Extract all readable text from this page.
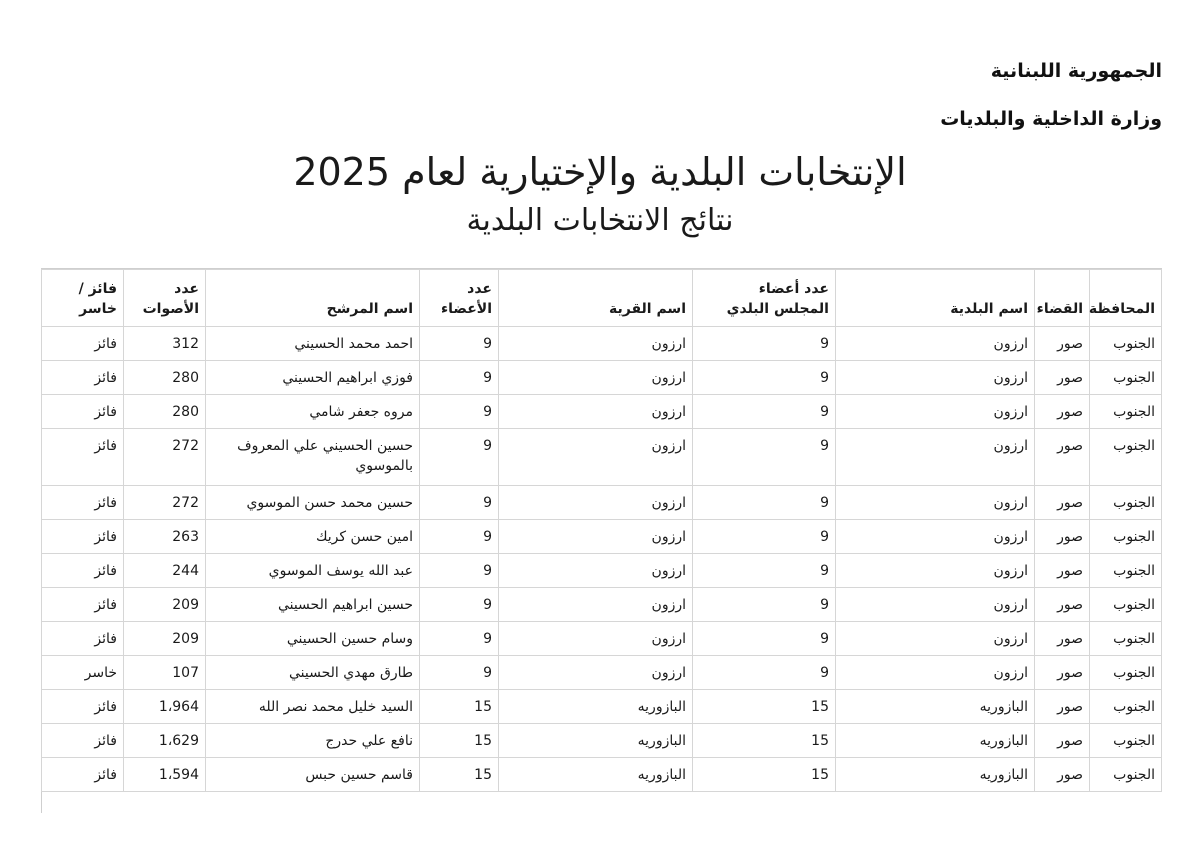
الجمهورية اللبنانية
وزارة الداخلية والبلديات
الإنتخابات البلدية والإختيارية لعام 2025
نتائج الانتخابات البلدية
المحافظة	القضاء	اسم البلدية	عدد أعضاء المجلس البلدي	اسم القرية	عدد الأعضاء	اسم المرشح	عدد الأصوات	فائز / خاسر
الجنوب	صور	ارزون	9	ارزون	9	احمد محمد الحسيني	312	فائز
الجنوب	صور	ارزون	9	ارزون	9	فوزي ابراهيم الحسيني	280	فائز
الجنوب	صور	ارزون	9	ارزون	9	مروه جعفر شامي	280	فائز
الجنوب	صور	ارزون	9	ارزون	9	حسين الحسيني علي المعروف بالموسوي	272	فائز
الجنوب	صور	ارزون	9	ارزون	9	حسين محمد حسن الموسوي	272	فائز
الجنوب	صور	ارزون	9	ارزون	9	امين حسن كريك	263	فائز
الجنوب	صور	ارزون	9	ارزون	9	عبد الله يوسف الموسوي	244	فائز
الجنوب	صور	ارزون	9	ارزون	9	حسين ابراهيم الحسيني	209	فائز
الجنوب	صور	ارزون	9	ارزون	9	وسام حسين الحسيني	209	فائز
الجنوب	صور	ارزون	9	ارزون	9	طارق مهدي الحسيني	107	خاسر
الجنوب	صور	البازوريه	15	البازوريه	15	السيد خليل محمد نصر الله	1،964	فائز
الجنوب	صور	البازوريه	15	البازوريه	15	نافع علي حدرج	1،629	فائز
الجنوب	صور	البازوريه	15	البازوريه	15	قاسم حسين حبس	1،594	فائز
